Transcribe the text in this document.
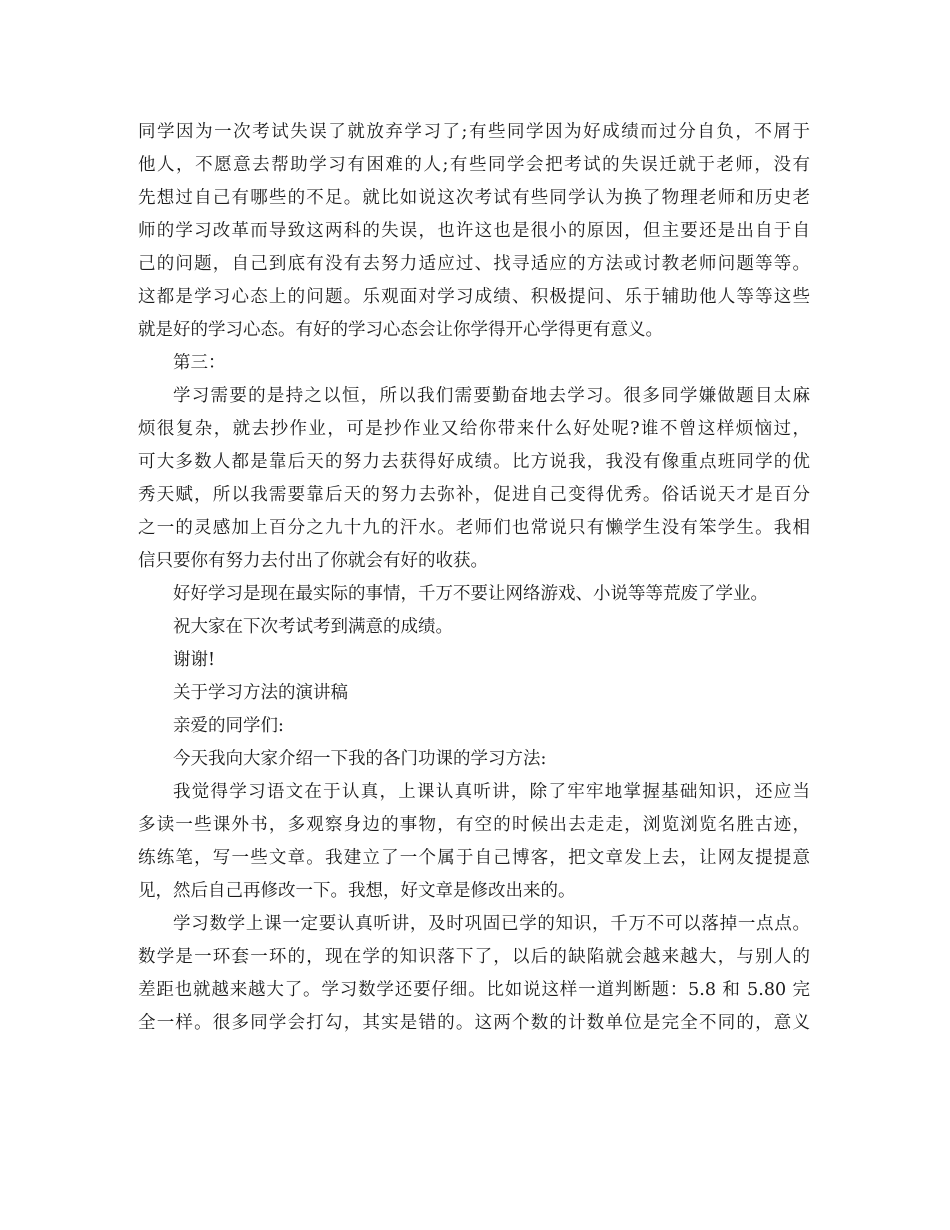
同学因为一次考试失误了就放弃学习了;有些同学因为好成绩而过分自负，不屑于

他人，不愿意去帮助学习有困难的人;有些同学会把考试的失误迁就于老师，没有

先想过自己有哪些的不足。就比如说这次考试有些同学认为换了物理老师和历史老

师的学习改革而导致这两科的失误，也许这也是很小的原因，但主要还是出自于自

己的问题，自己到底有没有去努力适应过、找寻适应的方法或讨教老师问题等等。

这都是学习心态上的问题。乐观面对学习成绩、积极提问、乐于辅助他人等等这些

就是好的学习心态。有好的学习心态会让你学得开心学得更有意义。

第三：

学习需要的是持之以恒，所以我们需要勤奋地去学习。很多同学嫌做题目太麻

烦很复杂，就去抄作业，可是抄作业又给你带来什么好处呢?谁不曾这样烦恼过，

可大多数人都是靠后天的努力去获得好成绩。比方说我，我没有像重点班同学的优

秀天赋，所以我需要靠后天的努力去弥补，促进自己变得优秀。俗话说天才是百分

之一的灵感加上百分之九十九的汗水。老师们也常说只有懒学生没有笨学生。我相

信只要你有努力去付出了你就会有好的收获。

好好学习是现在最实际的事情，千万不要让网络游戏、小说等等荒废了学业。

祝大家在下次考试考到满意的成绩。

谢谢!

关于学习方法的演讲稿

亲爱的同学们:

今天我向大家介绍一下我的各门功课的学习方法:

我觉得学习语文在于认真，上课认真听讲，除了牢牢地掌握基础知识，还应当

多读一些课外书，多观察身边的事物，有空的时候出去走走，浏览浏览名胜古迹，

练练笔，写一些文章。我建立了一个属于自己博客，把文章发上去，让网友提提意

见，然后自己再修改一下。我想，好文章是修改出来的。

学习数学上课一定要认真听讲，及时巩固已学的知识，千万不可以落掉一点点。

数学是一环套一环的，现在学的知识落下了，以后的缺陷就会越来越大，与别人的

差距也就越来越大了。学习数学还要仔细。比如说这样一道判断题：5.8 和 5.80 完

全一样。很多同学会打勾，其实是错的。这两个数的计数单位是完全不同的，意义
